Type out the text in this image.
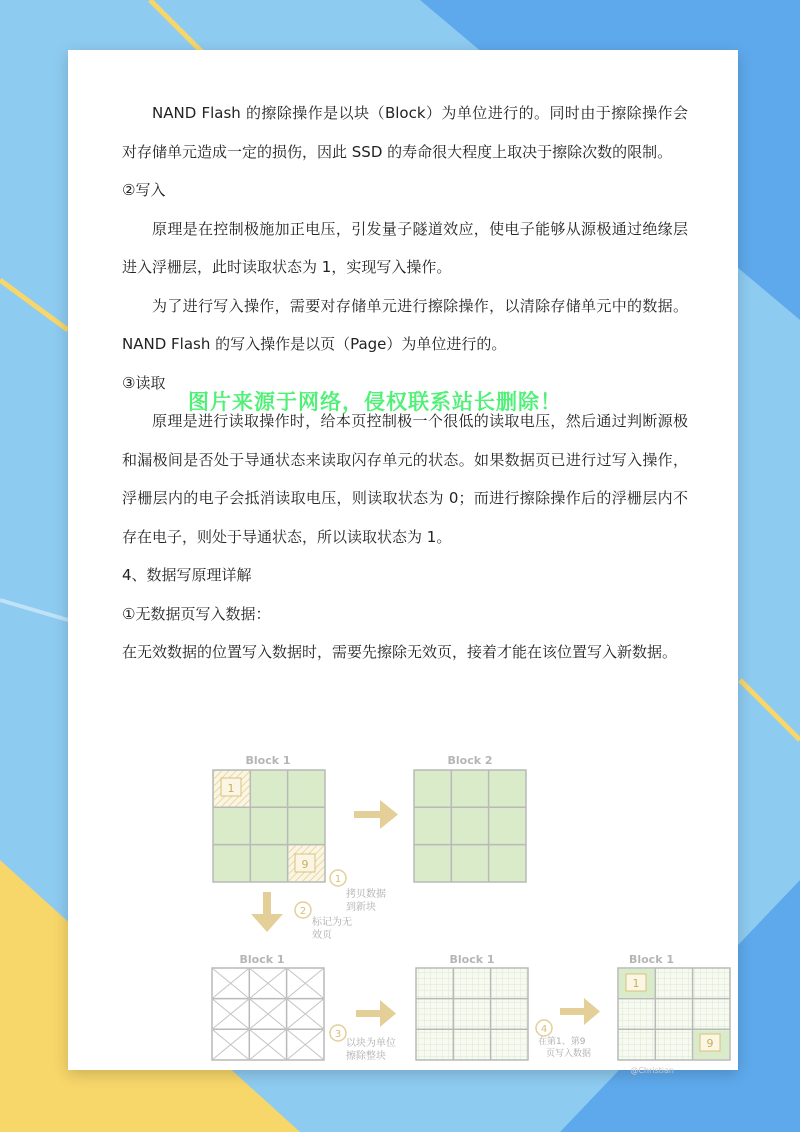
NAND Flash 的擦除操作是以块（Block）为单位进行的。同时由于擦除操作会对存储单元造成一定的损伤，因此 SSD 的寿命很大程度上取决于擦除次数的限制。

②写入

原理是在控制极施加正电压，引发量子隧道效应，使电子能够从源极通过绝缘层进入浮栅层，此时读取状态为 1，实现写入操作。

为了进行写入操作，需要对存储单元进行擦除操作，以清除存储单元中的数据。NAND Flash 的写入操作是以页（Page）为单位进行的。

③读取

原理是进行读取操作时，给本页控制极一个很低的读取电压，然后通过判断源极和漏极间是否处于导通状态来读取闪存单元的状态。如果数据页已进行过写入操作，浮栅层内的电子会抵消读取电压，则读取状态为 0；而进行擦除操作后的浮栅层内不存在电子，则处于导通状态，所以读取状态为 1。

4、数据写原理详解

①无数据页写入数据：

在无效数据的位置写入数据时，需要先擦除无效页，接着才能在该位置写入新数据。

图片来源于网络，侵权联系站长删除！
Block 1
1
9
1
拷贝数据
到新块
Block 2
2
标记为无
效页
Block 1
3
以块为单位
擦除整块
Block 1
4
在第1、第9
页写入数据
Block 1
1
9
@Christian
